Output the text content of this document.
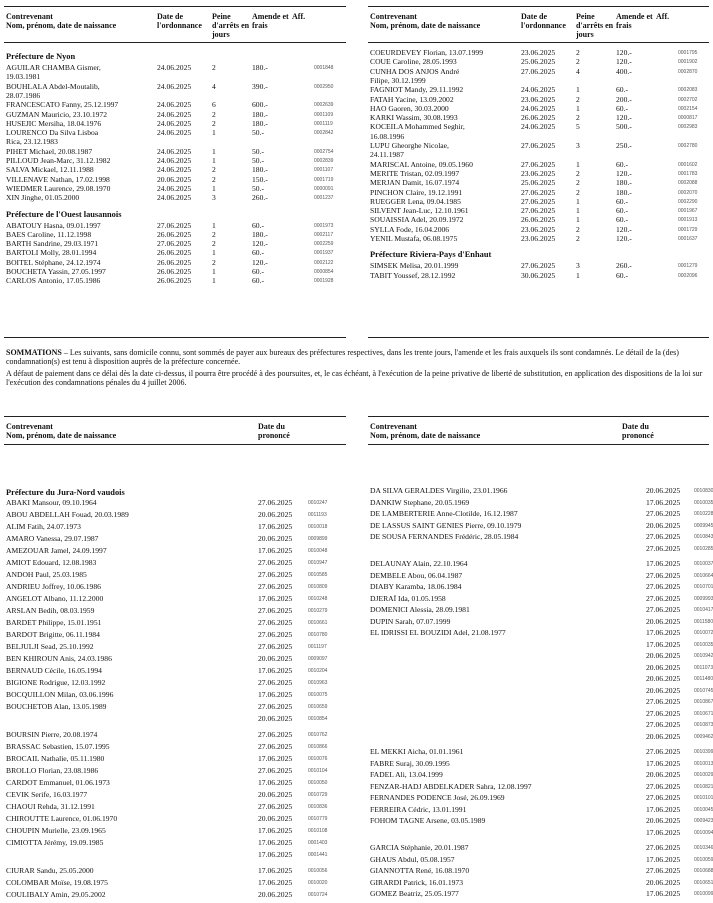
Contrevenant
Nom, prénom, date de naissance
Date de l'ordonnance
Peine d'arrêts en jours
Amende et frais
Aff.
Préfecture de Nyon
AGUILAR CHAMBA Gismer,	24.06.2025	2	180.-	0001848
19.03.1981
BOUHLALA Abdel-Moutalib,	24.06.2025	4	390.-	0002950
28.07.1986
FRANCESCATO Fanny, 25.12.1997	24.06.2025	6	600.-	0002639
GUZMAN Mauricio, 23.10.1972	24.06.2025	2	180.-	0001109
HUSEJIC Mersiha, 18.04.1976	24.06.2025	2	180.-	0001119
LOURENCO Da Silva Lisboa	24.06.2025	1	50.-	0002842
Rica, 23.12.1983
PIHET Michael, 20.08.1987	24.06.2025	1	50.-	0002754
PILLOUD Jean-Marc, 31.12.1982	24.06.2025	1	50.-	0002839
SALVA Mickael, 12.11.1988	24.06.2025	2	180.-	0001107
VILLENAVE Nathan, 17.02.1998	20.06.2025	2	150.-	0001719
WIEDMER Laurence, 29.08.1970	24.06.2025	1	50.-	0000091
XIN Jinghe, 01.05.2000	24.06.2025	3	260.-	0001237
Préfecture de l'Ouest lausannois
ABATOUY Hasna, 09.01.1997	27.06.2025	1	60.-	0001973
BAES Caroline, 11.12.1998	26.06.2025	2	180.-	0002117
BARTH Sandrine, 29.03.1971	27.06.2025	2	120.-	0002259
BARTOLI Molly, 28.01.1994	26.06.2025	1	60.-	0001937
BOITEL Stéphane, 24.12.1974	26.06.2025	2	120.-	0002122
BOUCHETA Yassin, 27.05.1997	26.06.2025	1	60.-	0000854
CARLOS Antonio, 17.05.1986	26.06.2025	1	60.-	0001928
Contrevenant
Nom, prénom, date de naissance
Date de l'ordonnance
Peine d'arrêts en jours
Amende et frais
Aff.
COEURDEVEY Florian, 13.07.1999	23.06.2025	2	120.-	0001795
COUE Caroline, 28.05.1993	25.06.2025	2	120.-	0001902
CUNHA DOS ANJOS André	27.06.2025	4	400.-	0002870
Filipe, 30.12.1999
FAGNIOT Mandy, 29.11.1992	24.06.2025	1	60.-	0002083
FATAH Yacine, 13.09.2002	23.06.2025	2	200.-	0002702
HAO Gaoren, 30.03.2000	24.06.2025	1	60.-	0002154
KARKI Wassim, 30.08.1993	26.06.2025	2	120.-	0000817
KOCEILA Mohammed Seghir,	24.06.2025	5	500.-	0002983
16.08.1996
LUPU Gheorghe Nicolae,	27.06.2025	3	250.-	0002780
24.11.1987
MARISCAL Antoine, 09.05.1960	27.06.2025	1	60.-	0001602
MERITE Tristan, 02.09.1997	23.06.2025	2	120.-	0001783
MERJAN Damit, 16.07.1974	25.06.2025	2	180.-	0002088
PINCHON Claire, 19.12.1991	27.06.2025	2	180.-	0002070
RUEGGER Lena, 09.04.1985	27.06.2025	1	60.-	0002290
SILVENT Jean-Luc, 12.10.1961	27.06.2025	1	60.-	0001967
SOUAISSIA Adel, 20.09.1972	26.06.2025	1	60.-	0001913
SYLLA Fode, 16.04.2006	23.06.2025	2	120.-	0001729
YENIL Mustafa, 06.08.1975	23.06.2025	2	120.-	0001637
Préfecture Riviera-Pays d'Enhaut
SIMSEK Melisa, 20.01.1999	27.06.2025	3	260.-	0001279
TABIT Youssef, 28.12.1992	30.06.2025	1	60.-	0002096

SOMMATIONS – Les suivants, sans domicile connu, sont sommés de payer aux bureaux des préfectures respectives, dans les trente jours, l'amende et les frais auxquels ils sont condamnés. Le détail de la (des) condamnation(s) est tenu à disposition auprès de la préfecture concernée.

A défaut de paiement dans ce délai dès la date ci-dessus, il pourra être procédé à des poursuites, et, le cas échéant, à l'exécution de la peine privative de liberté de substitution, en application des dispositions de la loi sur l'exécution des condamnations pénales du 4 juillet 2006.

Contrevenant
Nom, prénom, date de naissance
Date du prononcé
Préfecture du Jura-Nord vaudois
ABAKI Mansour, 09.10.1964	27.06.2025	0010247
ABOU ABDELLAH Fouad, 20.03.1989	20.06.2025	0011193
ALIM Fatih, 24.07.1973	17.06.2025	0010018
AMARO Vanessa, 29.07.1987	20.06.2025	0009899
AMEZOUAR Jamel, 24.09.1997	17.06.2025	0010048
AMIOT Edouard, 12.08.1983	27.06.2025	0010947
ANDOH Paul, 25.03.1985	27.06.2025	0010585
ANDRIEU Joffrey, 10.06.1986	27.06.2025	0010809
ANGELOT Albano, 11.12.2000	17.06.2025	0010248
ARSLAN Bedih, 08.03.1959	27.06.2025	0010279
BARDET Philippe, 15.01.1951	27.06.2025	0010661
BARDOT Brigitte, 06.11.1984	27.06.2025	0010780
BELJULJI Sead, 25.10.1992	27.06.2025	0011197
BEN KHIROUN Anis, 24.03.1986	20.06.2025	0009097
BERNAUD Cécile, 16.05.1994	17.06.2025	0010204
BIGIONE Rodrigue, 12.03.1992	27.06.2025	0010963
BOCQUILLON Milan, 03.06.1996	17.06.2025	0010075
BOUCHETOB Alan, 13.05.1989	27.06.2025	0010659
20.06.2025	0010854
BOURSIN Pierre, 20.08.1974	27.06.2025	0010762
BRASSAC Sebastien, 15.07.1995	27.06.2025	0010866
BROCAIL Nathalie, 05.11.1980	17.06.2025	0010076
BROLLO Florian, 23.08.1986	27.06.2025	0010104
CARDOT Emmanuel, 01.06.1973	17.06.2025	0010050
CEVIK Serife, 16.03.1977	20.06.2025	0010729
CHAOUI Rehda, 31.12.1991	27.06.2025	0010836
CHIROUTTE Laurence, 01.06.1970	20.06.2025	0010779
CHOUPIN Murielle, 23.09.1965	17.06.2025	0010108
CIMIOTTA Jérémy, 19.09.1985	17.06.2025	0001403
17.06.2025	0001441
CIURAR Sandu, 25.05.2000	17.06.2025	0010056
COLOMBAR Moïse, 19.08.1975	17.06.2025	0010020
COULIBALY Amin, 29.05.2002	20.06.2025	0010724
Contrevenant
Nom, prénom, date de naissance
Date du prononcé
DA SILVA GERALDES Virgilio, 23.01.1966	20.06.2025	0010830
DANKIW Stephane, 20.05.1969	17.06.2025	0010035
DE LAMBERTERIE Anne-Clotilde, 16.12.1987	27.06.2025	0010228
DE LASSUS SAINT GENIES Pierre, 09.10.1979	20.06.2025	0009945
DE SOUSA FERNANDES Frédéric, 28.05.1984	27.06.2025	0010843
27.06.2025	0010285
DELAUNAY Alain, 22.10.1964	17.06.2025	0010037
DEMBELE Abou, 06.04.1987	27.06.2025	0010664
DIABY Karamba, 18.06.1984	27.06.2025	0010701
DJERAÏ Ida, 01.05.1958	27.06.2025	0009993
DOMENICI Alessia, 28.09.1981	27.06.2025	0010417
DUPIN Sarah, 07.07.1999	20.06.2025	0011580
EL IDRISSI EL BOUZIDI Adel, 21.08.1977	17.06.2025	0010072
17.06.2025	0010035
20.06.2025	0010942
20.06.2025	0011073
20.06.2025	0011480
20.06.2025	0010745
27.06.2025	0010867
27.06.2025	0010671
27.06.2025	0010873
20.06.2025	0009462
EL MEKKI Aicha, 01.01.1961	27.06.2025	0010399
FABRE Suraj, 30.09.1995	17.06.2025	0010013
FADEL Ali, 13.04.1999	20.06.2025	0010029
FENZAR-HADJ ABDELKADER Sahra, 12.08.1997	27.06.2025	0010821
FERNANDES PODENCE José, 26.09.1969	27.06.2025	0010101
FERREIRA Cédric, 13.01.1991	17.06.2025	0010045
FOHOM TAGNE Arsene, 03.05.1989	20.06.2025	0009423
17.06.2025	0010094
GARCIA Stéphanie, 20.01.1987	27.06.2025	0010346
GHAUS Abdul, 05.08.1957	17.06.2025	0010059
GIANNOTTA René, 16.08.1970	27.06.2025	0010688
GIRARDI Patrick, 16.01.1973	20.06.2025	0010651
GOMEZ Beatriz, 25.05.1977	17.06.2025	0010099
